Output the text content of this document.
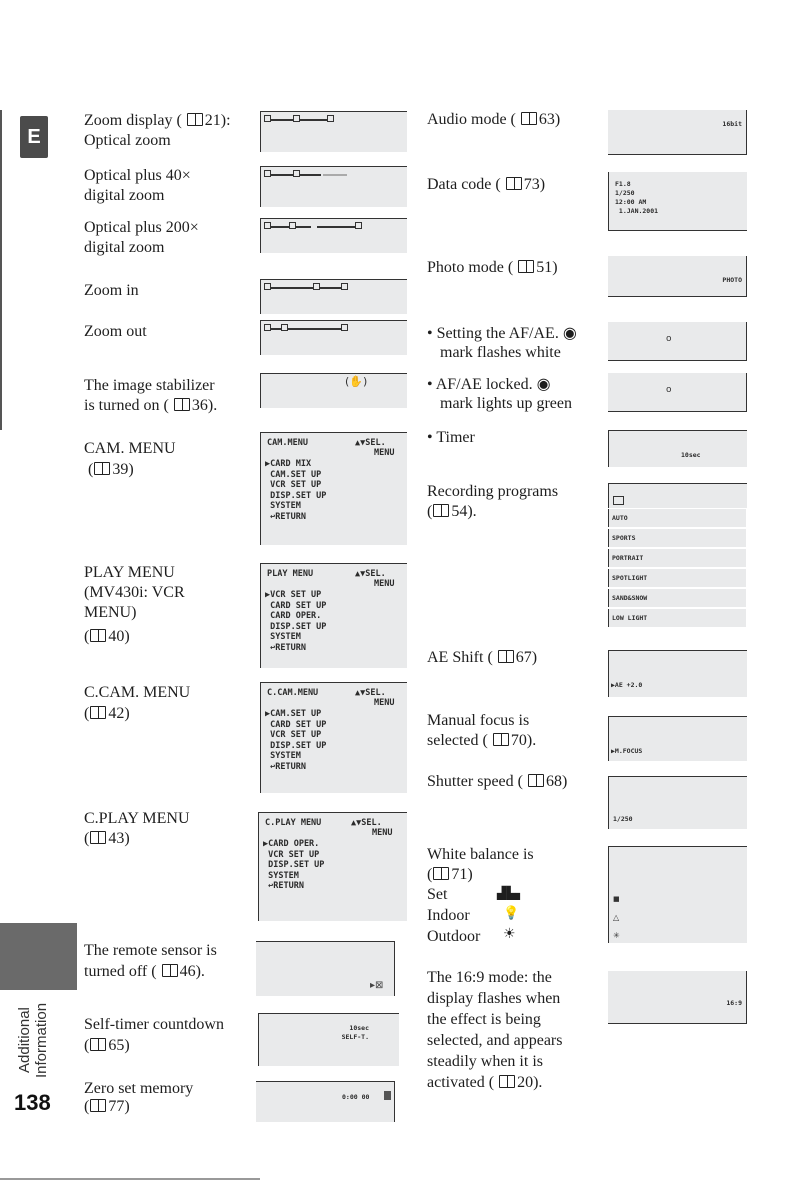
E
Additional Information
138
Zoom display ( 21):
Optical zoom
Optical plus 40×
digital zoom
Optical plus 200×
digital zoom
Zoom in
Zoom out
The image stabilizer
is turned on ( 36).
CAM. MENU
( 39)
PLAY MENU
(MV430i: VCR
MENU)
( 40)
C.CAM. MENU
( 42)
C.PLAY MENU
( 43)
The remote sensor is
turned off ( 46).
Self-timer countdown
( 65)
Zero set memory
( 77)
(✋)
CAM.MENU	▲▼SEL.
MENU
▶CARD MIX
CAM.SET UP
VCR SET UP
DISP.SET UP
SYSTEM
↩RETURN
PLAY MENU	▲▼SEL.
MENU
▶VCR SET UP
CARD SET UP
CARD OPER.
DISP.SET UP
SYSTEM
↩RETURN
C.CAM.MENU	▲▼SEL.
MENU
▶CAM.SET UP
CARD SET UP
VCR SET UP
DISP.SET UP
SYSTEM
↩RETURN
C.PLAY MENU	▲▼SEL.
MENU
▶CARD OPER.
VCR SET UP
DISP.SET UP
SYSTEM
↩RETURN
▸⊠
10sec
SELF-T.
0:00 00
Audio mode ( 63)
Data code ( 73)
Photo mode ( 51)
• Setting the AF/AE. ◉
mark flashes white
• AF/AE locked. ◉
mark lights up green
• Timer
Recording programs
( 54).
AE Shift ( 67)
Manual focus is
selected ( 70).
Shutter speed ( 68)
White balance is
( 71)
Set	▟▙▖
Indoor	💡
Outdoor ☀
The 16:9 mode: the
display flashes when
the effect is being
selected, and appears
steadily when it is
activated ( 20).
16bit
F1.8
1/250
12:00 AM
1.JAN.2001
PHOTO
o
o
10sec
AUTO
SPORTS
PORTRAIT
SPOTLIGHT
SAND&SNOW
LOW LIGHT
▶AE +2.0
▶M.FOCUS
1/250
■
△
✳
16:9
